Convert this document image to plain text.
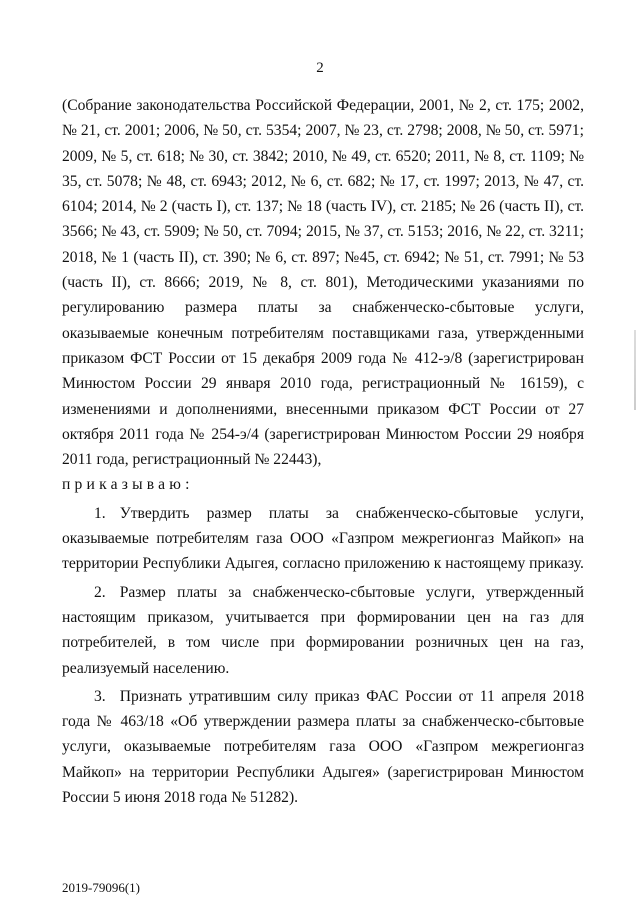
2

(Собрание законодательства Российской Федерации, 2001, № 2, ст. 175; 2002, № 21, ст. 2001; 2006, № 50, ст. 5354; 2007, № 23, ст. 2798; 2008, № 50, ст. 5971; 2009, № 5, ст. 618; № 30, ст. 3842; 2010, № 49, ст. 6520; 2011, № 8, ст. 1109; № 35, ст. 5078; № 48, ст. 6943; 2012, № 6, ст. 682; № 17, ст. 1997; 2013, № 47, ст. 6104; 2014, № 2 (часть I), ст. 137; № 18 (часть IV), ст. 2185; № 26 (часть II), ст. 3566; № 43, ст. 5909; № 50, ст. 7094; 2015, № 37, ст. 5153; 2016, № 22, ст. 3211; 2018, № 1 (часть II), ст. 390; № 6, ст. 897; №45, ст. 6942; № 51, ст. 7991; № 53 (часть II), ст. 8666; 2019, № 8, ст. 801), Методическими указаниями по регулированию размера платы за снабженческо-сбытовые услуги, оказываемые конечным потребителям поставщиками газа, утвержденными приказом ФСТ России от 15 декабря 2009 года № 412-э/8 (зарегистрирован Минюстом России 29 января 2010 года, регистрационный № 16159), с изменениями и дополнениями, внесенными приказом ФСТ России от 27 октября 2011 года № 254-э/4 (зарегистрирован Минюстом России 29 ноября 2011 года, регистрационный № 22443),

приказываю:

1. Утвердить размер платы за снабженческо-сбытовые услуги, оказываемые потребителям газа ООО «Газпром межрегионгаз Майкоп» на территории Республики Адыгея, согласно приложению к настоящему приказу.

2. Размер платы за снабженческо-сбытовые услуги, утвержденный настоящим приказом, учитывается при формировании цен на газ для потребителей, в том числе при формировании розничных цен на газ, реализуемый населению.

3. Признать утратившим силу приказ ФАС России от 11 апреля 2018 года № 463/18 «Об утверждении размера платы за снабженческо-сбытовые услуги, оказываемые потребителям газа ООО «Газпром межрегионгаз Майкоп» на территории Республики Адыгея» (зарегистрирован Минюстом России 5 июня 2018 года № 51282).

2019-79096(1)
